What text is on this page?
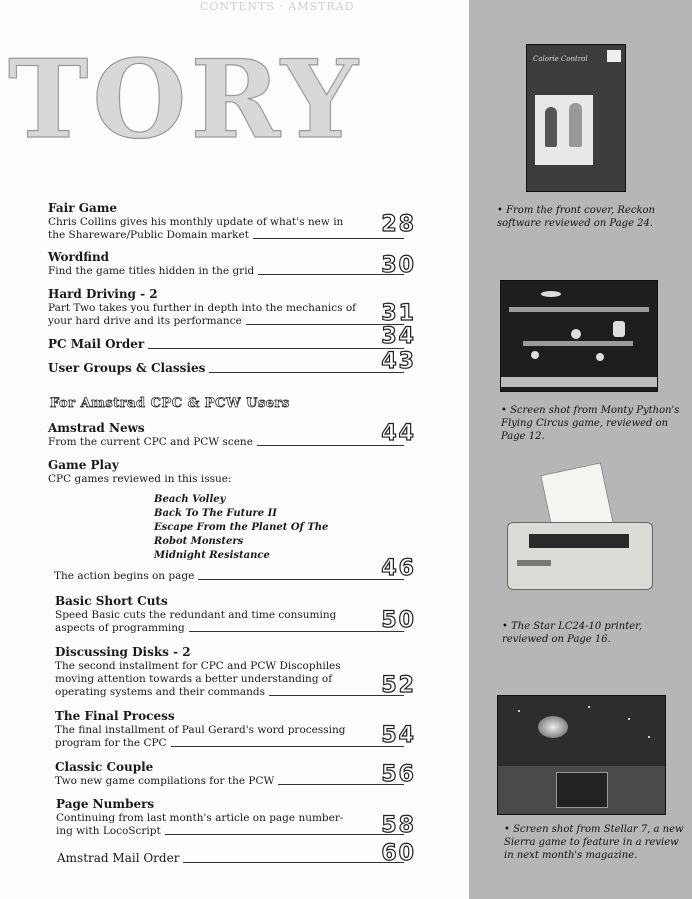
CONTENTS · AMSTRAD
TORY
Fair Game
Chris Collins gives his monthly update of what's new in
the Shareware/Public Domain market	28
Wordfind
Find the game titles hidden in the grid	30
Hard Driving - 2
Part Two takes you further in depth into the mechanics of
your hard drive and its performance	31
PC Mail Order	34
User Groups & Classies	43
For Amstrad CPC & PCW Users
Amstrad News
From the current CPC and PCW scene	44
Game Play
CPC games reviewed in this issue:
Beach Volley
Back To The Future II
Escape From the Planet Of The
Robot Monsters
Midnight Resistance
The action begins on page	46
Basic Short Cuts
Speed Basic cuts the redundant and time consuming
aspects of programming	50
Discussing Disks - 2
The second installment for CPC and PCW Discophiles
moving attention towards a better understanding of
operating systems and their commands	52
The Final Process
The final installment of Paul Gerard's word processing
program for the CPC	54
Classic Couple
Two new game compilations for the PCW	56
Page Numbers
Continuing from last month's article on page number-
ing with LocoScript	58
Amstrad Mail Order	60
Calorie Control
• From the front cover, Reckon software reviewed on Page 24.
• Screen shot from Monty Python's Flying Circus game, reviewed on Page 12.
• The Star LC24-10 printer, reviewed on Page 16.
• Screen shot from Stellar 7, a new Sierra game to feature in a review in next month's magazine.
